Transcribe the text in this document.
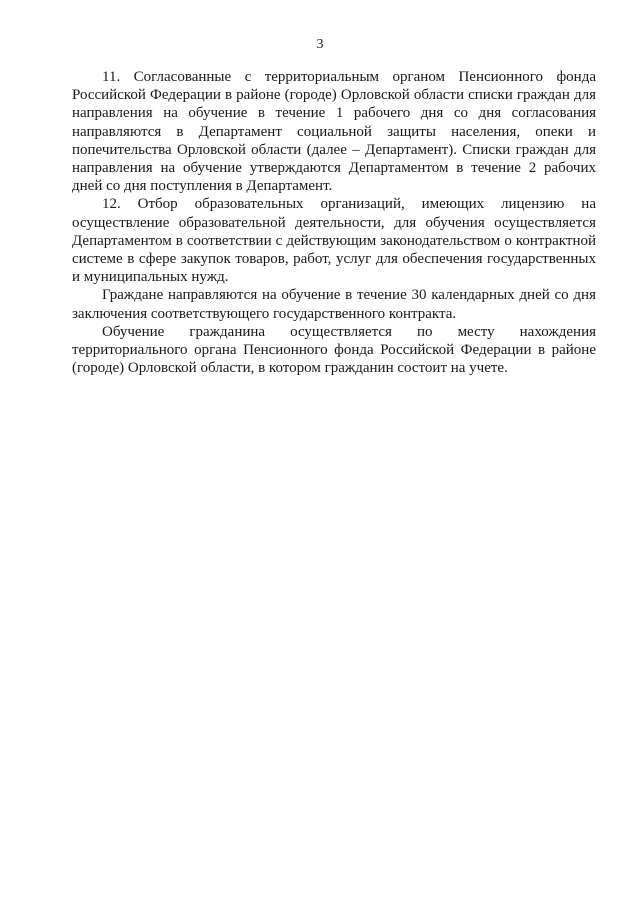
3

11. Согласованные с территориальным органом Пенсионного фонда Российской Федерации в районе (городе) Орловской области списки граждан для направления на обучение в течение 1 рабочего дня со дня согласования направляются в Департамент социальной защиты населения, опеки и попечительства Орловской области (далее – Департамент). Списки граждан для направления на обучение утверждаются Департаментом в течение 2 рабочих дней со дня поступления в Департамент.

12. Отбор образовательных организаций, имеющих лицензию на осуществление образовательной деятельности, для обучения осуществляется Департаментом в соответствии с действующим законодательством о контрактной системе в сфере закупок товаров, работ, услуг для обеспечения государственных и муниципальных нужд.

Граждане направляются на обучение в течение 30 календарных дней со дня заключения соответствующего государственного контракта.

Обучение гражданина осуществляется по месту нахождения территориального органа Пенсионного фонда Российской Федерации в районе (городе) Орловской области, в котором гражданин состоит на учете.
